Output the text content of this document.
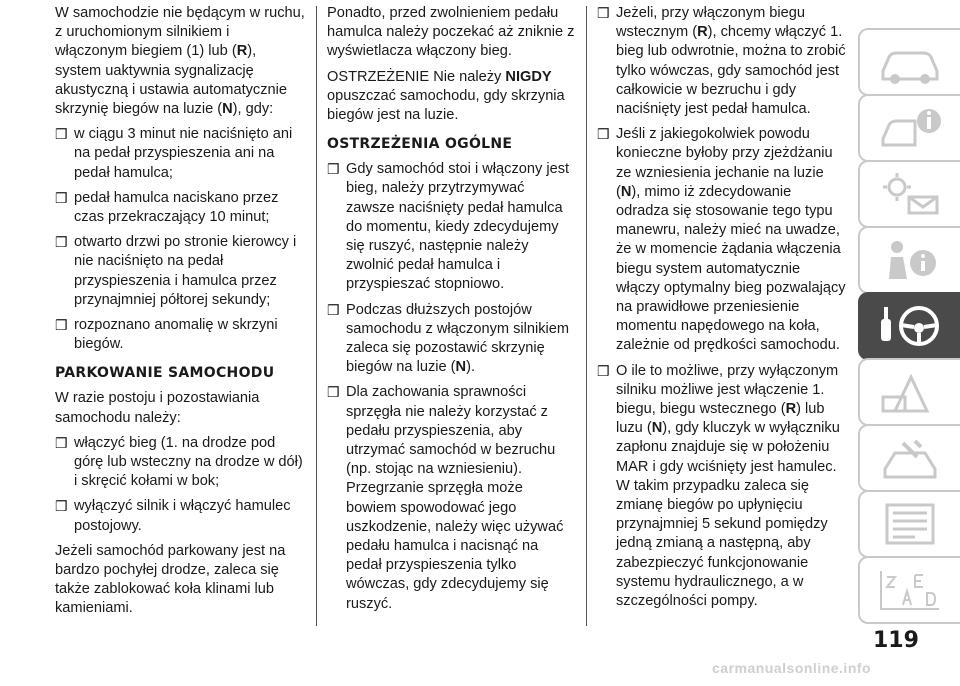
W samochodzie nie będącym w ruchu, z uruchomionym silnikiem i włączonym biegiem (1) lub (R), system uaktywnia sygnalizację akustyczną i ustawia automatycznie skrzynię biegów na luzie (N), gdy:

❒ w ciągu 3 minut nie naciśnięto ani na pedał przyspieszenia ani na pedał hamulca;
❒ pedał hamulca naciskano przez czas przekraczający 10 minut;
❒ otwarto drzwi po stronie kierowcy i nie naciśnięto na pedał przyspieszenia i hamulca przez przynajmniej półtorej sekundy;
❒ rozpoznano anomalię w skrzyni biegów.
PARKOWANIE SAMOCHODU

W razie postoju i pozostawiania samochodu należy:

❒ włączyć bieg (1. na drodze pod górę lub wsteczny na drodze w dół) i skręcić kołami w bok;
❒ wyłączyć silnik i włączyć hamulec postojowy.

Jeżeli samochód parkowany jest na bardzo pochyłej drodze, zaleca się także zablokować koła klinami lub kamieniami.

Ponadto, przed zwolnieniem pedału hamulca należy poczekać aż zniknie z wyświetlacza włączony bieg.

OSTRZEŻENIE Nie należy NIGDY opuszczać samochodu, gdy skrzynia biegów jest na luzie.

OSTRZEŻENIA OGÓLNE
❒ Gdy samochód stoi i włączony jest bieg, należy przytrzymywać zawsze naciśnięty pedał hamulca do momentu, kiedy zdecydujemy się ruszyć, następnie należy zwolnić pedał hamulca i przyspieszać stopniowo.
❒ Podczas dłuższych postojów samochodu z włączonym silnikiem zaleca się pozostawić skrzynię biegów na luzie (N).
❒ Dla zachowania sprawności sprzęgła nie należy korzystać z pedału przyspieszenia, aby utrzymać samochód w bezruchu (np. stojąc na wzniesieniu). Przegrzanie sprzęgła może bowiem spowodować jego uszkodzenie, należy więc używać pedału hamulca i nacisnąć na pedał przyspieszenia tylko wówczas, gdy zdecydujemy się ruszyć.
❒ Jeżeli, przy włączonym biegu wstecznym (R), chcemy włączyć 1. bieg lub odwrotnie, można to zrobić tylko wówczas, gdy samochód jest całkowicie w bezruchu i gdy naciśnięty jest pedał hamulca.
❒ Jeśli z jakiegokolwiek powodu konieczne byłoby przy zjeżdżaniu ze wzniesienia jechanie na luzie (N), mimo iż zdecydowanie odradza się stosowanie tego typu manewru, należy mieć na uwadze, że w momencie żądania włączenia biegu system automatycznie włączy optymalny bieg pozwalający na prawidłowe przeniesienie momentu napędowego na koła, zależnie od prędkości samochodu.
❒ O ile to możliwe, przy wyłączonym silniku możliwe jest włączenie 1. biegu, biegu wstecznego (R) lub luzu (N), gdy kluczyk w wyłączniku zapłonu znajduje się w położeniu MAR i gdy wciśnięty jest hamulec. W takim przypadku zaleca się zmianę biegów po upłynięciu przynajmniej 5 sekund pomiędzy jedną zmianą a następną, aby zabezpieczyć funkcjonowanie systemu hydraulicznego, a w szczególności pompy.
119
carmanualsonline.info
